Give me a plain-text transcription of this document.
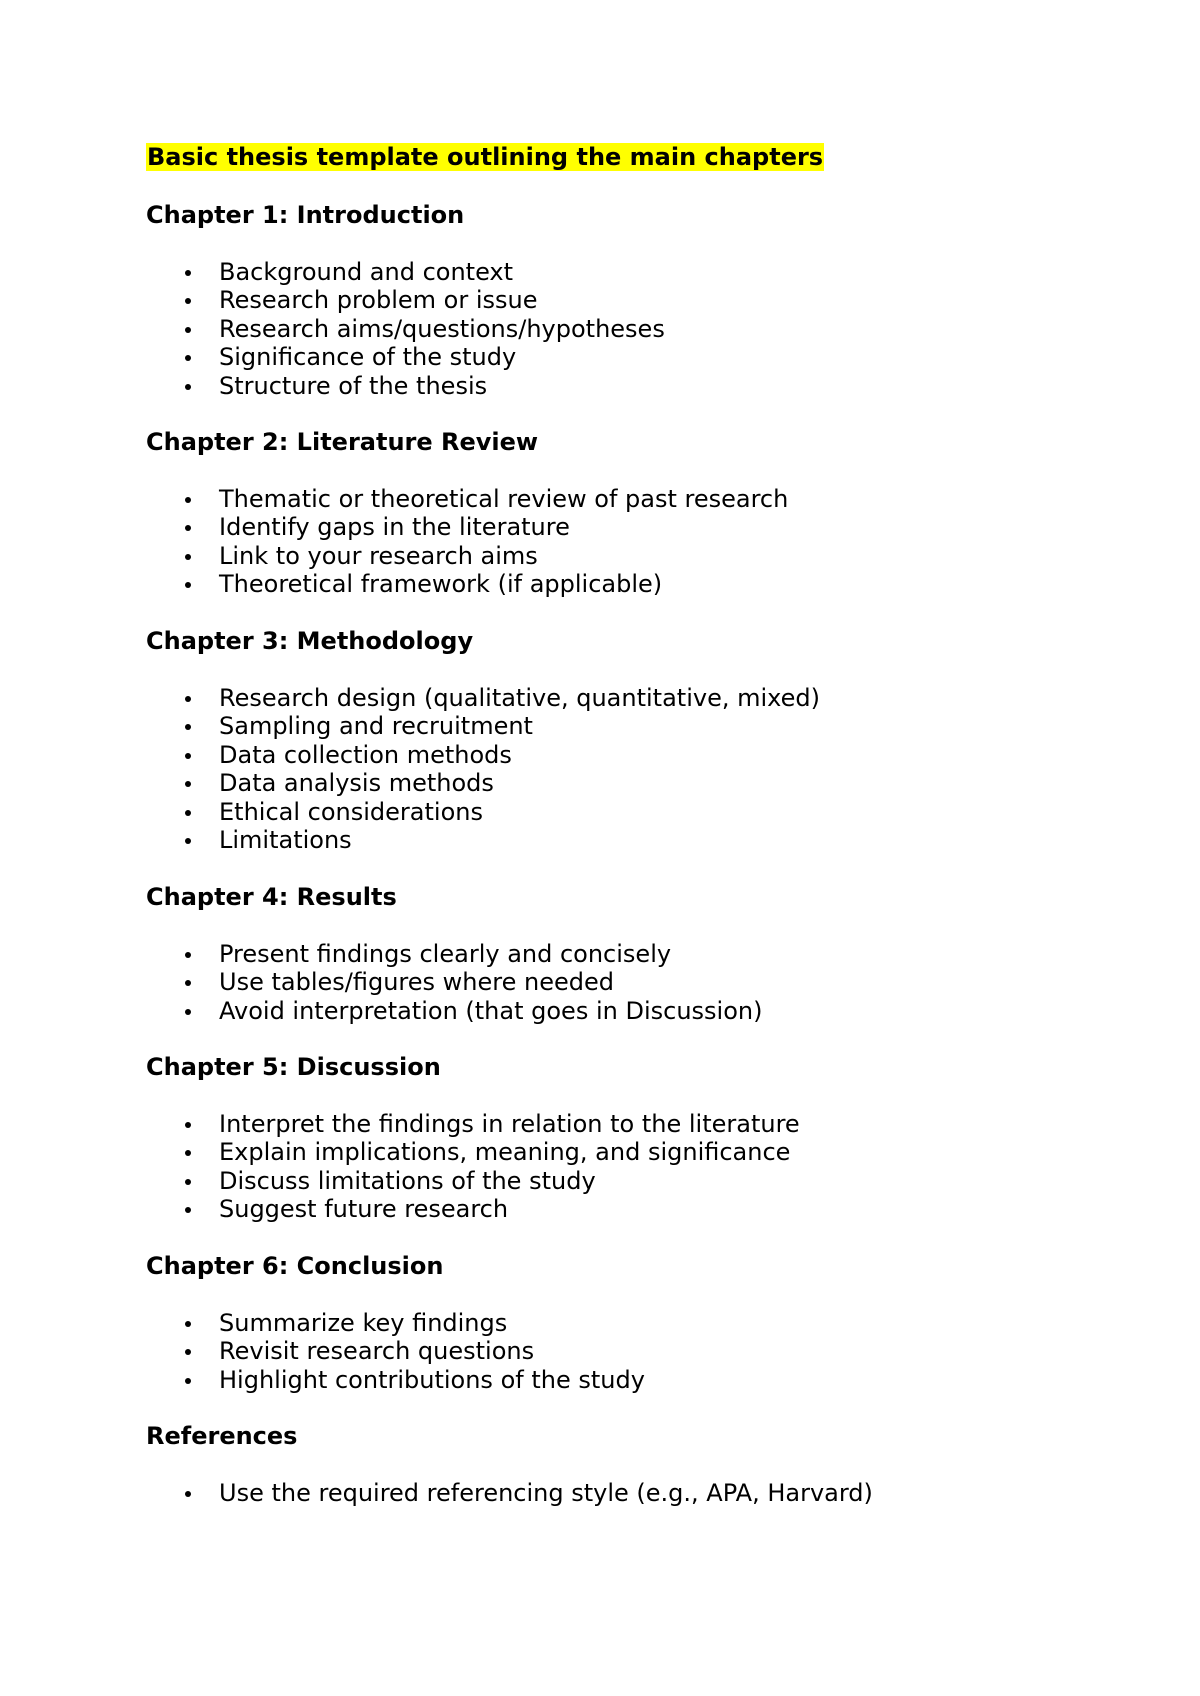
Basic thesis template outlining the main chapters
Chapter 1: Introduction
Background and context
Research problem or issue
Research aims/questions/hypotheses
Significance of the study
Structure of the thesis
Chapter 2: Literature Review
Thematic or theoretical review of past research
Identify gaps in the literature
Link to your research aims
Theoretical framework (if applicable)
Chapter 3: Methodology
Research design (qualitative, quantitative, mixed)
Sampling and recruitment
Data collection methods
Data analysis methods
Ethical considerations
Limitations
Chapter 4: Results
Present findings clearly and concisely
Use tables/figures where needed
Avoid interpretation (that goes in Discussion)
Chapter 5: Discussion
Interpret the findings in relation to the literature
Explain implications, meaning, and significance
Discuss limitations of the study
Suggest future research
Chapter 6: Conclusion
Summarize key findings
Revisit research questions
Highlight contributions of the study
References
Use the required referencing style (e.g., APA, Harvard)
